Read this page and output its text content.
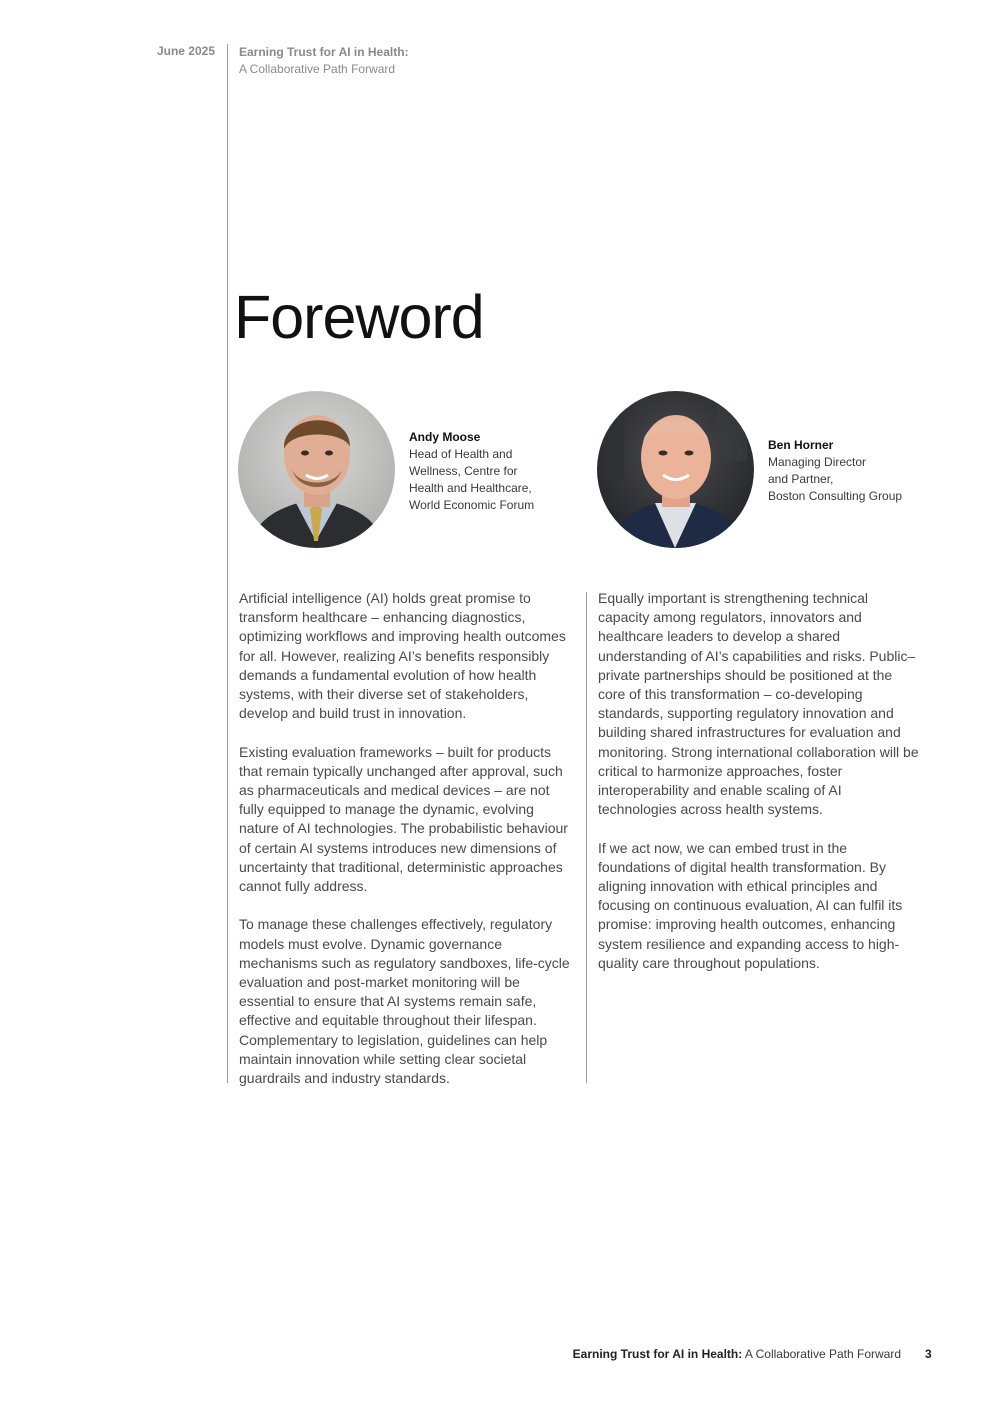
June 2025 Earning Trust for AI in Health:
A Collaborative Path Forward
Foreword
Andy Moose
Head of Health and
Wellness, Centre for
Health and Healthcare,
World Economic Forum
Ben Horner
Managing Director
and Partner,
Boston Consulting Group

Artificial intelligence (AI) holds great promise to transform healthcare – enhancing diagnostics, optimizing workflows and improving health outcomes for all. However, realizing AI’s benefits responsibly demands a fundamental evolution of how health systems, with their diverse set of stakeholders, develop and build trust in innovation.

Existing evaluation frameworks – built for products that remain typically unchanged after approval, such as pharmaceuticals and medical devices – are not fully equipped to manage the dynamic, evolving nature of AI technologies. The probabilistic behaviour of certain AI systems introduces new dimensions of uncertainty that traditional, deterministic approaches cannot fully address.

To manage these challenges effectively, regulatory models must evolve. Dynamic governance mechanisms such as regulatory sandboxes, life-cycle evaluation and post-market monitoring will be essential to ensure that AI systems remain safe, effective and equitable throughout their lifespan. Complementary to legislation, guidelines can help maintain innovation while setting clear societal guardrails and industry standards.

Equally important is strengthening technical capacity among regulators, innovators and healthcare leaders to develop a shared understanding of AI’s capabilities and risks. Public–private partnerships should be positioned at the core of this transformation – co-developing standards, supporting regulatory innovation and building shared infrastructures for evaluation and monitoring. Strong international collaboration will be critical to harmonize approaches, foster interoperability and enable scaling of AI technologies across health systems.

If we act now, we can embed trust in the foundations of digital health transformation. By aligning innovation with ethical principles and focusing on continuous evaluation, AI can fulfil its promise: improving health outcomes, enhancing system resilience and expanding access to high-quality care throughout populations.

Earning Trust for AI in Health: A Collaborative Path Forward 3
